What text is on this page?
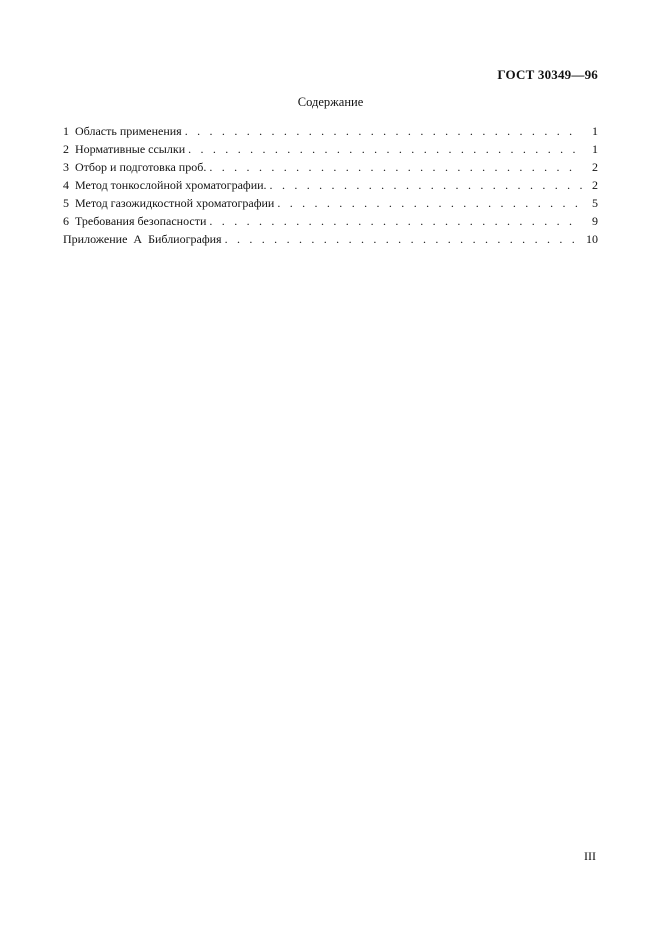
ГОСТ 30349—96
Содержание
1  Область применения . . .	1
2  Нормативные ссылки . . .	1
3  Отбор и подготовка проб. . . .	2
4  Метод тонкослойной хроматографии. . . .	2
5  Метод газожидкостной хроматографии . . .	5
6  Требования безопасности . . .	9
Приложение  А  Библиография . . .	10
III
